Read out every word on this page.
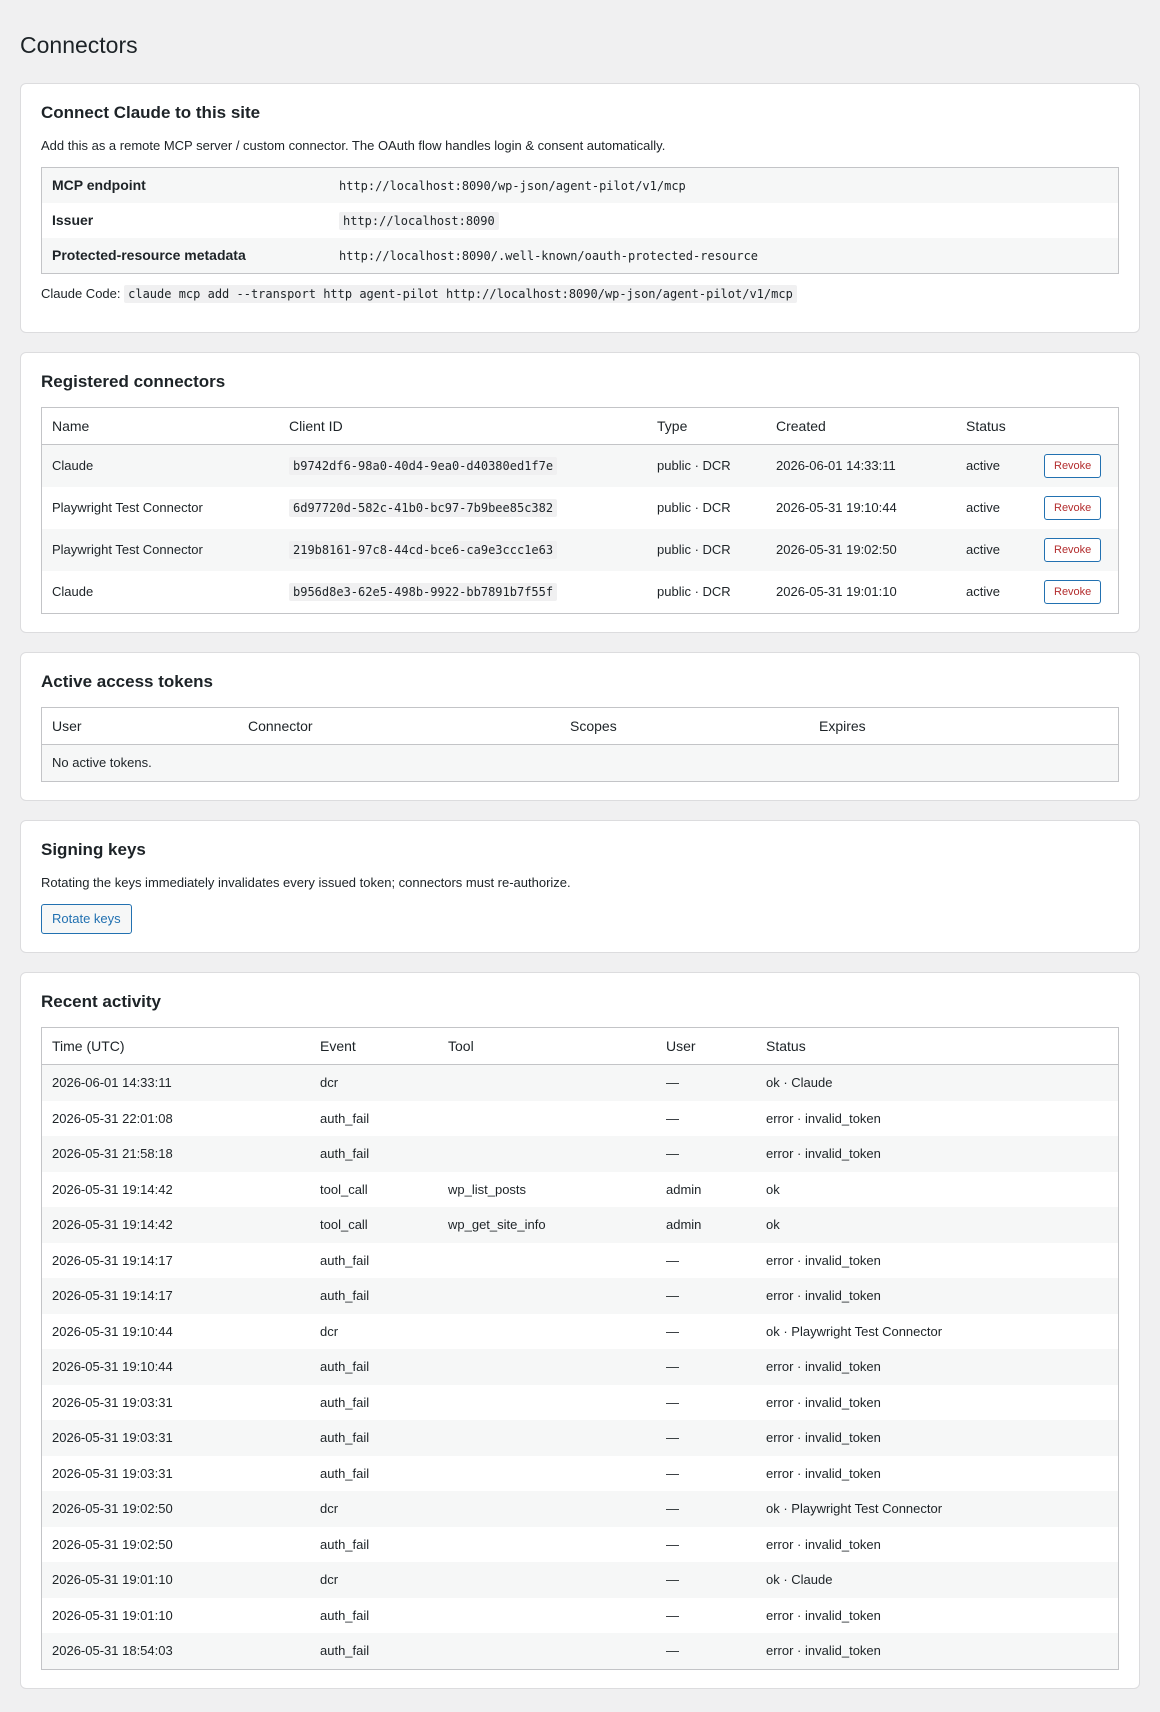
Connectors
Connect Claude to this site

Add this as a remote MCP server / custom connector. The OAuth flow handles login & consent automatically.

MCP endpoint	http://localhost:8090/wp-json/agent-pilot/v1/mcp
Issuer	http://localhost:8090
Protected-resource metadata	http://localhost:8090/.well-known/oauth-protected-resource
Claude Code: claude mcp add --transport http agent-pilot http://localhost:8090/wp-json/agent-pilot/v1/mcp
Registered connectors
Name	Client ID	Type	Created	Status	
Claude	b9742df6-98a0-40d4-9ea0-d40380ed1f7e	public · DCR	2026-06-01 14:33:11	active	Revoke
Playwright Test Connector	6d97720d-582c-41b0-bc97-7b9bee85c382	public · DCR	2026-05-31 19:10:44	active	Revoke
Playwright Test Connector	219b8161-97c8-44cd-bce6-ca9e3ccc1e63	public · DCR	2026-05-31 19:02:50	active	Revoke
Claude	b956d8e3-62e5-498b-9922-bb7891b7f55f	public · DCR	2026-05-31 19:01:10	active	Revoke
Active access tokens
User	Connector	Scopes	Expires
No active tokens.
Signing keys

Rotating the keys immediately invalidates every issued token; connectors must re-authorize.

Rotate keys
Recent activity
Time (UTC)	Event	Tool	User	Status
2026-06-01 14:33:11	dcr		—	ok · Claude
2026-05-31 22:01:08	auth_fail		—	error · invalid_token
2026-05-31 21:58:18	auth_fail		—	error · invalid_token
2026-05-31 19:14:42	tool_call	wp_list_posts	admin	ok
2026-05-31 19:14:42	tool_call	wp_get_site_info	admin	ok
2026-05-31 19:14:17	auth_fail		—	error · invalid_token
2026-05-31 19:14:17	auth_fail		—	error · invalid_token
2026-05-31 19:10:44	dcr		—	ok · Playwright Test Connector
2026-05-31 19:10:44	auth_fail		—	error · invalid_token
2026-05-31 19:03:31	auth_fail		—	error · invalid_token
2026-05-31 19:03:31	auth_fail		—	error · invalid_token
2026-05-31 19:03:31	auth_fail		—	error · invalid_token
2026-05-31 19:02:50	dcr		—	ok · Playwright Test Connector
2026-05-31 19:02:50	auth_fail		—	error · invalid_token
2026-05-31 19:01:10	dcr		—	ok · Claude
2026-05-31 19:01:10	auth_fail		—	error · invalid_token
2026-05-31 18:54:03	auth_fail		—	error · invalid_token
